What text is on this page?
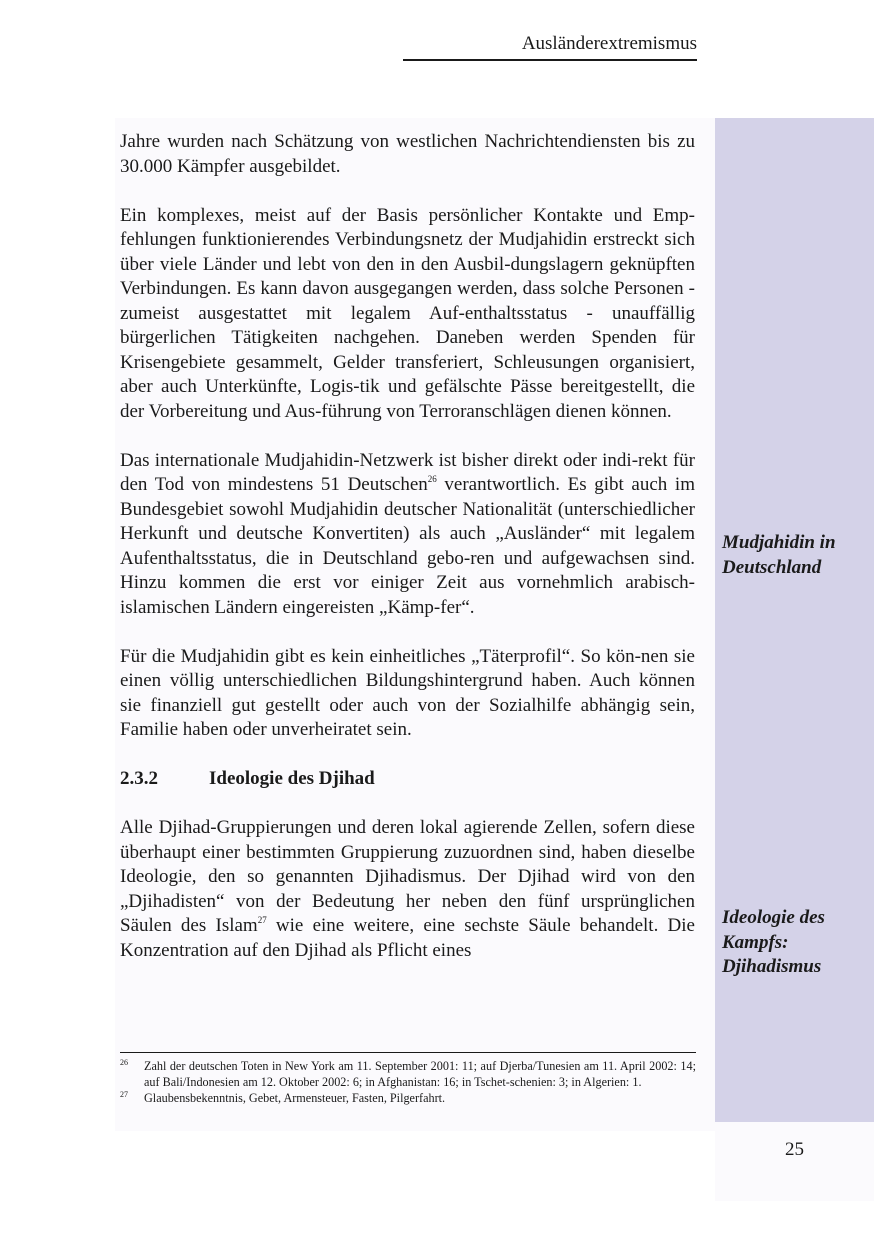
Ausländerextremismus

Jahre wurden nach Schätzung von westlichen Nachrichtendiensten bis zu 30.000 Kämpfer ausgebildet.

Ein komplexes, meist auf der Basis persönlicher Kontakte und Emp-fehlungen funktionierendes Verbindungsnetz der Mudjahidin erstreckt sich über viele Länder und lebt von den in den Ausbil-dungslagern geknüpften Verbindungen. Es kann davon ausgegangen werden, dass solche Personen - zumeist ausgestattet mit legalem Auf-enthaltsstatus - unauffällig bürgerlichen Tätigkeiten nachgehen. Daneben werden Spenden für Krisengebiete gesammelt, Gelder transferiert, Schleusungen organisiert, aber auch Unterkünfte, Logis-tik und gefälschte Pässe bereitgestellt, die der Vorbereitung und Aus-führung von Terroranschlägen dienen können.

Das internationale Mudjahidin-Netzwerk ist bisher direkt oder indi-rekt für den Tod von mindestens 51 Deutschen$^{26}$ verantwortlich. Es gibt auch im Bundesgebiet sowohl Mudjahidin deutscher Nationalität (unterschiedlicher Herkunft und deutsche Konvertiten) als auch „Ausländer“ mit legalem Aufenthaltsstatus, die in Deutschland gebo-ren und aufgewachsen sind. Hinzu kommen die erst vor einiger Zeit aus vornehmlich arabisch-islamischen Ländern eingereisten „Kämp-fer“.

Für die Mudjahidin gibt es kein einheitliches „Täterprofil“. So kön-nen sie einen völlig unterschiedlichen Bildungshintergrund haben. Auch können sie finanziell gut gestellt oder auch von der Sozialhilfe abhängig sein, Familie haben oder unverheiratet sein.

2.3.2	Ideologie des Djihad

Alle Djihad-Gruppierungen und deren lokal agierende Zellen, sofern diese überhaupt einer bestimmten Gruppierung zuzuordnen sind, haben dieselbe Ideologie, den so genannten Djihadismus. Der Djihad wird von den „Djihadisten“ von der Bedeutung her neben den fünf ursprünglichen Säulen des Islam$^{27}$ wie eine weitere, eine sechste Säule behandelt. Die Konzentration auf den Djihad als Pflicht eines

Mudjahidin in
Deutschland
Ideologie des
Kampfs:
Djihadismus
26 Zahl der deutschen Toten in New York am 11. September 2001: 11; auf Djerba/Tunesien am 11. April 2002: 14; auf Bali/Indonesien am 12. Oktober 2002: 6; in Afghanistan: 16; in Tschet-schenien: 3; in Algerien: 1.
27 Glaubensbekenntnis, Gebet, Armensteuer, Fasten, Pilgerfahrt.
25
